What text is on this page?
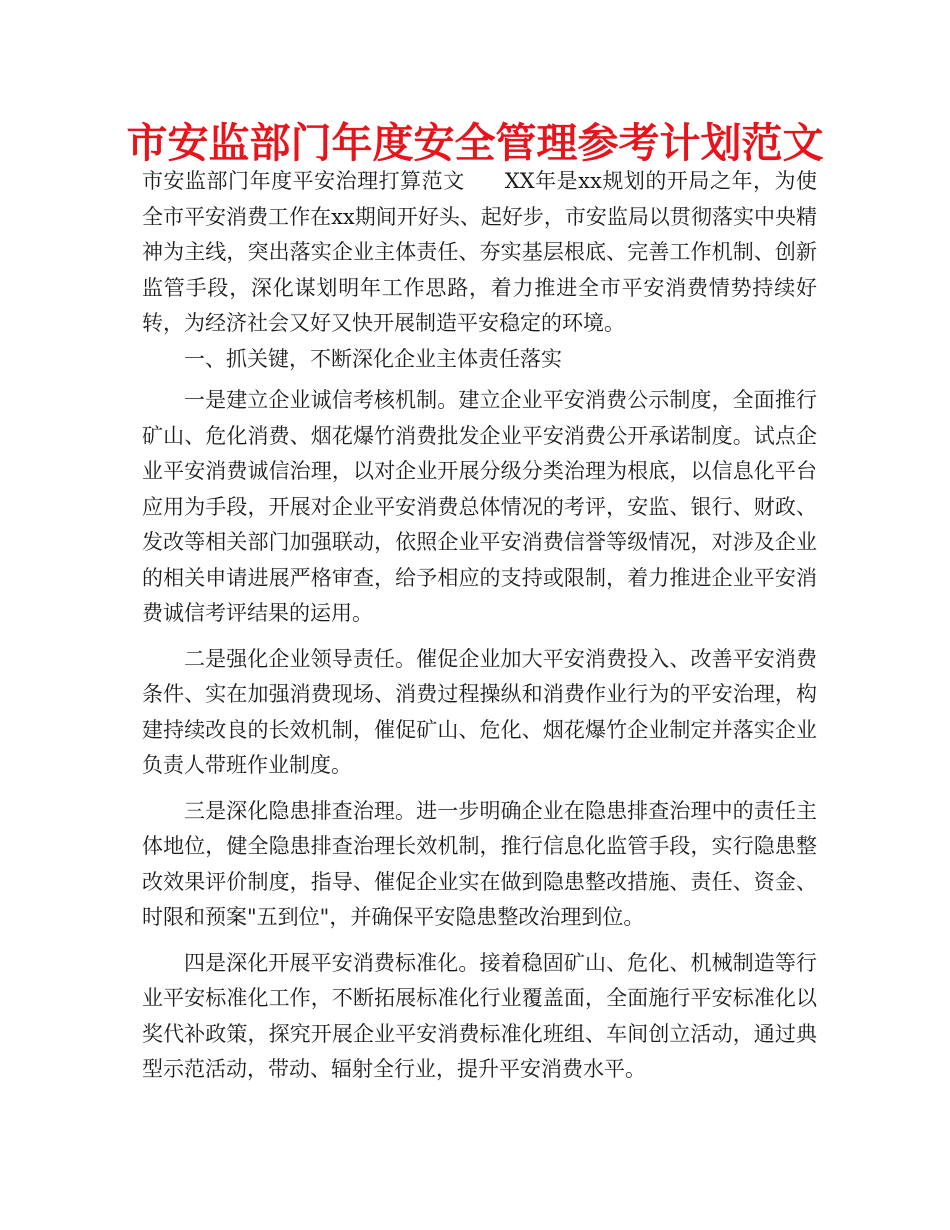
市安监部门年度安全管理参考计划范文

市安监部门年度平安治理打算范文 XX年是xx规划的开局之年，为使全市平安消费工作在xx期间开好头、起好步，市安监局以贯彻落实中央精神为主线，突出落实企业主体责任、夯实基层根底、完善工作机制、创新监管手段，深化谋划明年工作思路，着力推进全市平安消费情势持续好转，为经济社会又好又快开展制造平安稳定的环境。

一、抓关键，不断深化企业主体责任落实

一是建立企业诚信考核机制。建立企业平安消费公示制度，全面推行矿山、危化消费、烟花爆竹消费批发企业平安消费公开承诺制度。试点企业平安消费诚信治理，以对企业开展分级分类治理为根底，以信息化平台应用为手段，开展对企业平安消费总体情况的考评，安监、银行、财政、发改等相关部门加强联动，依照企业平安消费信誉等级情况，对涉及企业的相关申请进展严格审查，给予相应的支持或限制，着力推进企业平安消费诚信考评结果的运用。

二是强化企业领导责任。催促企业加大平安消费投入、改善平安消费条件、实在加强消费现场、消费过程操纵和消费作业行为的平安治理，构建持续改良的长效机制，催促矿山、危化、烟花爆竹企业制定并落实企业负责人带班作业制度。

三是深化隐患排查治理。进一步明确企业在隐患排查治理中的责任主体地位，健全隐患排查治理长效机制，推行信息化监管手段，实行隐患整改效果评价制度，指导、催促企业实在做到隐患整改措施、责任、资金、时限和预案"五到位"，并确保平安隐患整改治理到位。

四是深化开展平安消费标准化。接着稳固矿山、危化、机械制造等行业平安标准化工作，不断拓展标准化行业覆盖面，全面施行平安标准化以奖代补政策，探究开展企业平安消费标准化班组、车间创立活动，通过典型示范活动，带动、辐射全行业，提升平安消费水平。
